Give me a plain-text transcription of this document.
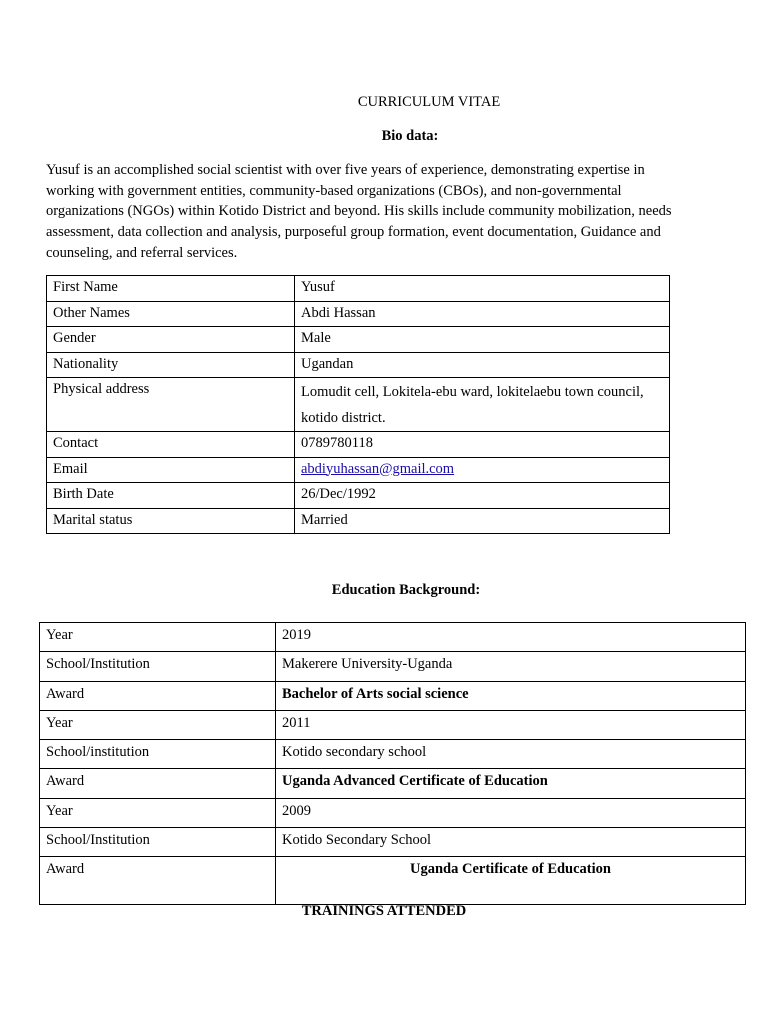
CURRICULUM VITAE
Bio data:
Yusuf is an accomplished social scientist with over five years of experience, demonstrating expertise in working with government entities, community-based organizations (CBOs), and non-governmental organizations (NGOs) within Kotido District and beyond. His skills include community mobilization, needs assessment, data collection and analysis, purposeful group formation, event documentation, Guidance and counseling, and referral services.
First Name	Yusuf
Other Names	Abdi Hassan
Gender	Male
Nationality	Ugandan
Physical address	Lomudit cell, Lokitela-ebu ward, lokitelaebu town council, kotido district.
Contact	0789780118
Email	abdiyuhassan@gmail.com
Birth Date	26/Dec/1992
Marital status	Married
Education Background:
Year	2019
School/Institution	Makerere University-Uganda
Award	Bachelor of Arts social science
Year	2011
School/institution	Kotido secondary school
Award	Uganda Advanced Certificate of Education
Year	2009
School/Institution	Kotido Secondary School
Award	Uganda Certificate of Education
TRAININGS ATTENDED
